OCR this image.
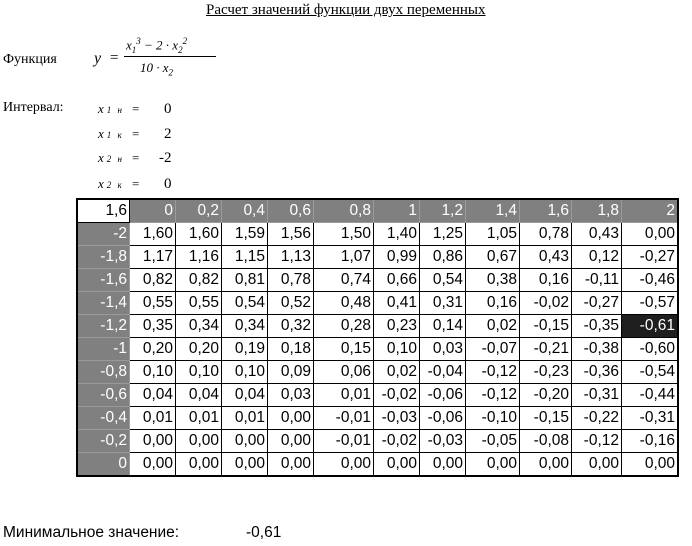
Расчет значений функции двух переменных
Функция y =
$x_1^3 - 2 \cdot x_2^2$
$10 \cdot x_2$
Интервал:	x 1 н = 0
x 1 к = 2
x 2 н = -2
x 2 к = 0
1,6	0	0,2	0,4	0,6	0,8	1	1,2	1,4	1,6	1,8	2
-2	1,60	1,60	1,59	1,56	1,50	1,40	1,25	1,05	0,78	0,43	0,00
-1,8	1,17	1,16	1,15	1,13	1,07	0,99	0,86	0,67	0,43	0,12	-0,27
-1,6	0,82	0,82	0,81	0,78	0,74	0,66	0,54	0,38	0,16	-0,11	-0,46
-1,4	0,55	0,55	0,54	0,52	0,48	0,41	0,31	0,16	-0,02	-0,27	-0,57
-1,2	0,35	0,34	0,34	0,32	0,28	0,23	0,14	0,02	-0,15	-0,35	-0,61
-1	0,20	0,20	0,19	0,18	0,15	0,10	0,03	-0,07	-0,21	-0,38	-0,60
-0,8	0,10	0,10	0,10	0,09	0,06	0,02	-0,04	-0,12	-0,23	-0,36	-0,54
-0,6	0,04	0,04	0,04	0,03	0,01	-0,02	-0,06	-0,12	-0,20	-0,31	-0,44
-0,4	0,01	0,01	0,01	0,00	-0,01	-0,03	-0,06	-0,10	-0,15	-0,22	-0,31
-0,2	0,00	0,00	0,00	0,00	-0,01	-0,02	-0,03	-0,05	-0,08	-0,12	-0,16
0	0,00	0,00	0,00	0,00	0,00	0,00	0,00	0,00	0,00	0,00	0,00
Минимальное значение:	-0,61
